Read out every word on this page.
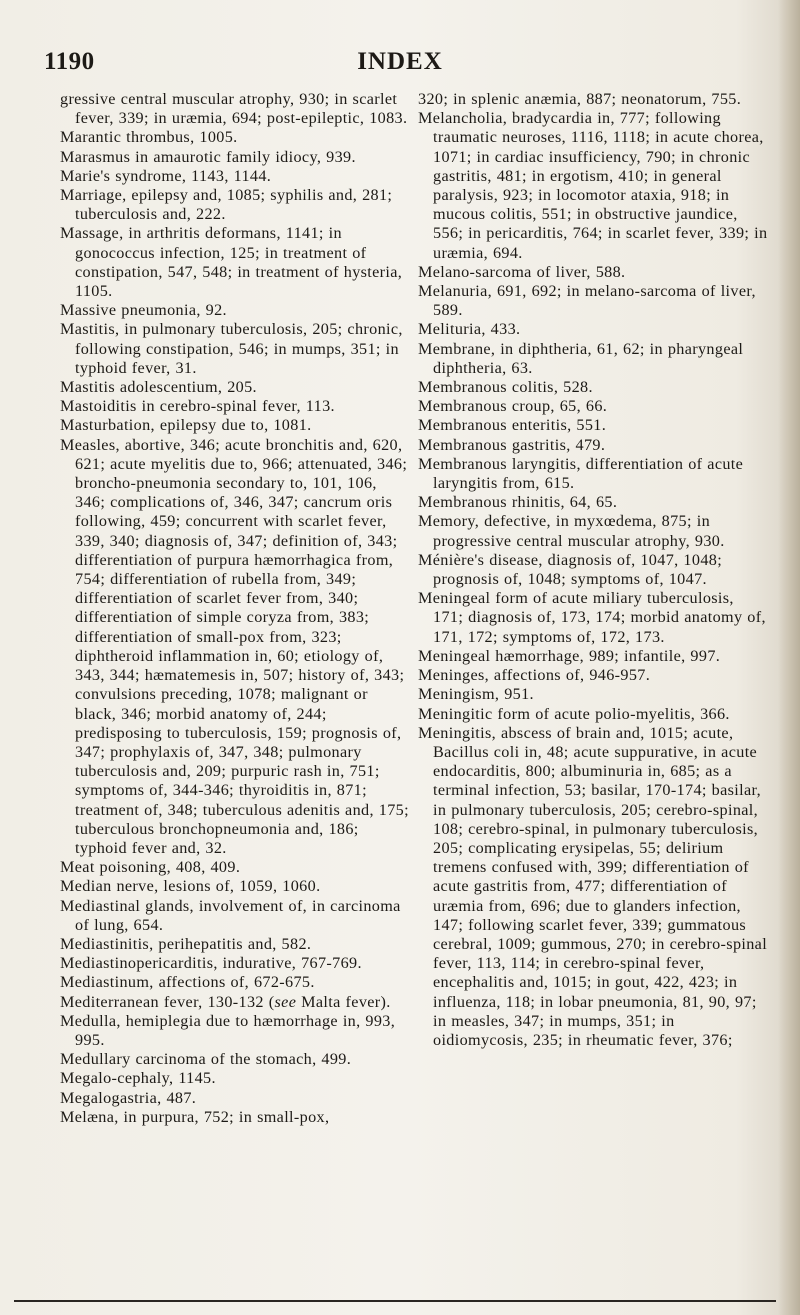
1190	INDEX

gressive central muscular atrophy, 930; in scarlet fever, 339; in uræmia, 694; post-epileptic, 1083.

Marantic thrombus, 1005.

Marasmus in amaurotic family idiocy, 939.

Marie's syndrome, 1143, 1144.

Marriage, epilepsy and, 1085; syphilis and, 281; tuberculosis and, 222.

Massage, in arthritis deformans, 1141; in gonococcus infection, 125; in treatment of constipation, 547, 548; in treatment of hysteria, 1105.

Massive pneumonia, 92.

Mastitis, in pulmonary tuberculosis, 205; chronic, following constipation, 546; in mumps, 351; in typhoid fever, 31.

Mastitis adolescentium, 205.

Mastoiditis in cerebro-spinal fever, 113.

Masturbation, epilepsy due to, 1081.

Measles, abortive, 346; acute bronchitis and, 620, 621; acute myelitis due to, 966; attenuated, 346; broncho-pneumonia secondary to, 101, 106, 346; complications of, 346, 347; cancrum oris following, 459; concurrent with scarlet fever, 339, 340; diagnosis of, 347; definition of, 343; differentiation of purpura hæmorrhagica from, 754; differentiation of rubella from, 349; differentiation of scarlet fever from, 340; differentiation of simple coryza from, 383; differentiation of small-pox from, 323; diphtheroid inflammation in, 60; etiology of, 343, 344; hæmatemesis in, 507; history of, 343; convulsions preceding, 1078; malignant or black, 346; morbid anatomy of, 244; predisposing to tuberculosis, 159; prognosis of, 347; prophylaxis of, 347, 348; pulmonary tuberculosis and, 209; purpuric rash in, 751; symptoms of, 344-346; thyroiditis in, 871; treatment of, 348; tuberculous adenitis and, 175; tuberculous bronchopneumonia and, 186; typhoid fever and, 32.

Meat poisoning, 408, 409.

Median nerve, lesions of, 1059, 1060.

Mediastinal glands, involvement of, in carcinoma of lung, 654.

Mediastinitis, perihepatitis and, 582.

Mediastinopericarditis, indurative, 767-769.

Mediastinum, affections of, 672-675.

Mediterranean fever, 130-132 (see Malta fever).

Medulla, hemiplegia due to hæmorrhage in, 993, 995.

Medullary carcinoma of the stomach, 499.

Megalo-cephaly, 1145.

Megalogastria, 487.

Melæna, in purpura, 752; in small-pox,

320; in splenic anæmia, 887; neonatorum, 755.

Melancholia, bradycardia in, 777; following traumatic neuroses, 1116, 1118; in acute chorea, 1071; in cardiac insufficiency, 790; in chronic gastritis, 481; in ergotism, 410; in general paralysis, 923; in locomotor ataxia, 918; in mucous colitis, 551; in obstructive jaundice, 556; in pericarditis, 764; in scarlet fever, 339; in uræmia, 694.

Melano-sarcoma of liver, 588.

Melanuria, 691, 692; in melano-sarcoma of liver, 589.

Melituria, 433.

Membrane, in diphtheria, 61, 62; in pharyngeal diphtheria, 63.

Membranous colitis, 528.

Membranous croup, 65, 66.

Membranous enteritis, 551.

Membranous gastritis, 479.

Membranous laryngitis, differentiation of acute laryngitis from, 615.

Membranous rhinitis, 64, 65.

Memory, defective, in myxœdema, 875; in progressive central muscular atrophy, 930.

Ménière's disease, diagnosis of, 1047, 1048; prognosis of, 1048; symptoms of, 1047.

Meningeal form of acute miliary tuberculosis, 171; diagnosis of, 173, 174; morbid anatomy of, 171, 172; symptoms of, 172, 173.

Meningeal hæmorrhage, 989; infantile, 997.

Meninges, affections of, 946-957.

Meningism, 951.

Meningitic form of acute polio-myelitis, 366.

Meningitis, abscess of brain and, 1015; acute, Bacillus coli in, 48; acute suppurative, in acute endocarditis, 800; albuminuria in, 685; as a terminal infection, 53; basilar, 170-174; basilar, in pulmonary tuberculosis, 205; cerebro-spinal, 108; cerebro-spinal, in pulmonary tuberculosis, 205; complicating erysipelas, 55; delirium tremens confused with, 399; differentiation of acute gastritis from, 477; differentiation of uræmia from, 696; due to glanders infection, 147; following scarlet fever, 339; gummatous cerebral, 1009; gummous, 270; in cerebro-spinal fever, 113, 114; in cerebro-spinal fever, encephalitis and, 1015; in gout, 422, 423; in influenza, 118; in lobar pneumonia, 81, 90, 97; in measles, 347; in mumps, 351; in oidiomycosis, 235; in rheumatic fever, 376;
